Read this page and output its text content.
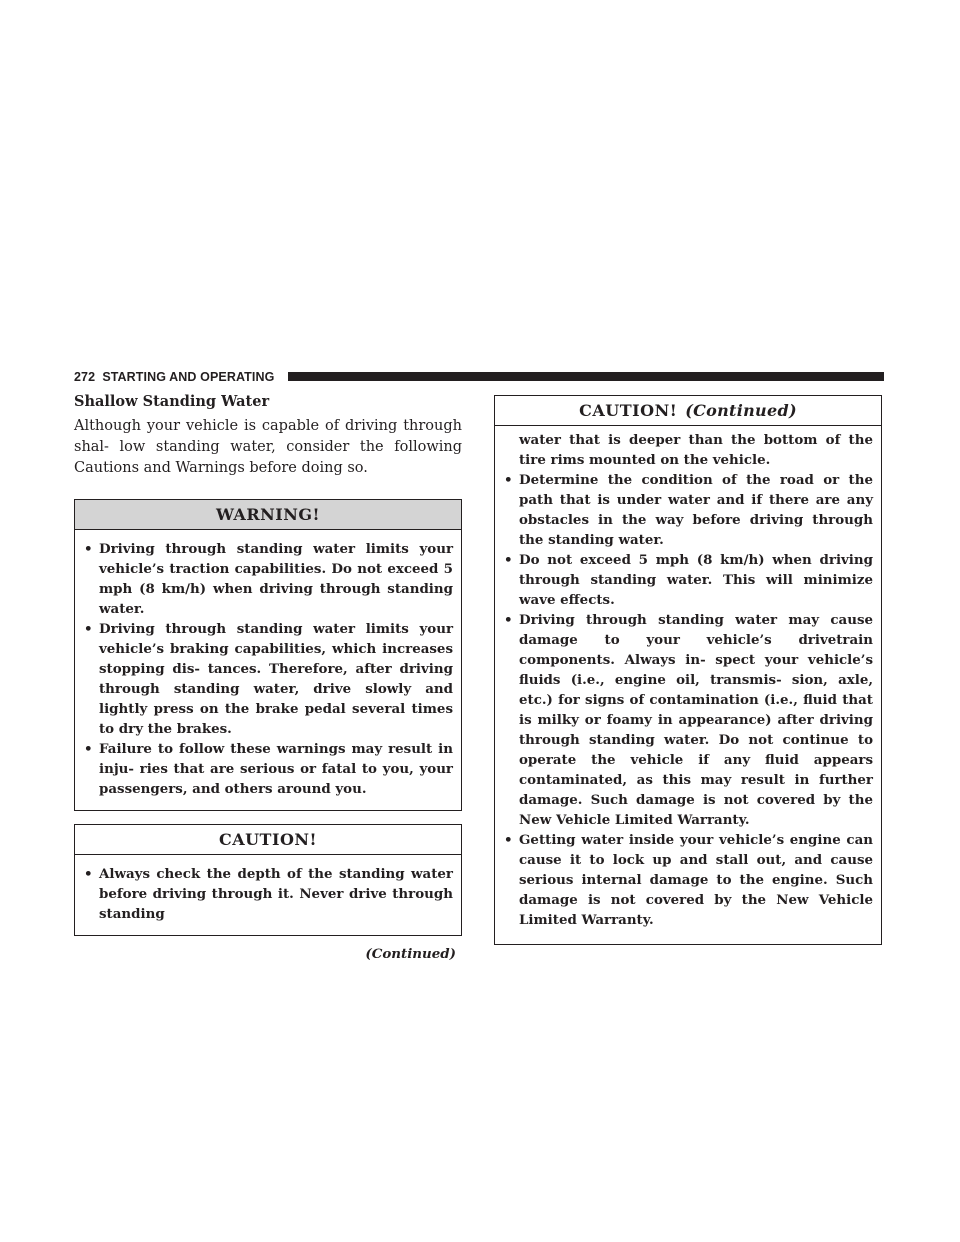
272 STARTING AND OPERATING
Shallow Standing Water

Although your vehicle is capable of driving through shal- low standing water, consider the following Cautions and Warnings before doing so.

WARNING!
• Driving through standing water limits your vehicle’s traction capabilities. Do not exceed 5 mph (8 km/h) when driving through standing water.
• Driving through standing water limits your vehicle’s braking capabilities, which increases stopping dis- tances. Therefore, after driving through standing water, drive slowly and lightly press on the brake pedal several times to dry the brakes.
• Failure to follow these warnings may result in inju- ries that are serious or fatal to you, your passengers, and others around you.
CAUTION!
• Always check the depth of the standing water before driving through it. Never drive through standing
(Continued)
CAUTION! (Continued)
water that is deeper than the bottom of the tire rims mounted on the vehicle.
• Determine the condition of the road or the path that is under water and if there are any obstacles in the way before driving through the standing water.
• Do not exceed 5 mph (8 km/h) when driving through standing water. This will minimize wave effects.
• Driving through standing water may cause damage to your vehicle’s drivetrain components. Always in- spect your vehicle’s fluids (i.e., engine oil, transmis- sion, axle, etc.) for signs of contamination (i.e., fluid that is milky or foamy in appearance) after driving through standing water. Do not continue to operate the vehicle if any fluid appears contaminated, as this may result in further damage. Such damage is not covered by the New Vehicle Limited Warranty.
• Getting water inside your vehicle’s engine can cause it to lock up and stall out, and cause serious internal damage to the engine. Such damage is not covered by the New Vehicle Limited Warranty.
